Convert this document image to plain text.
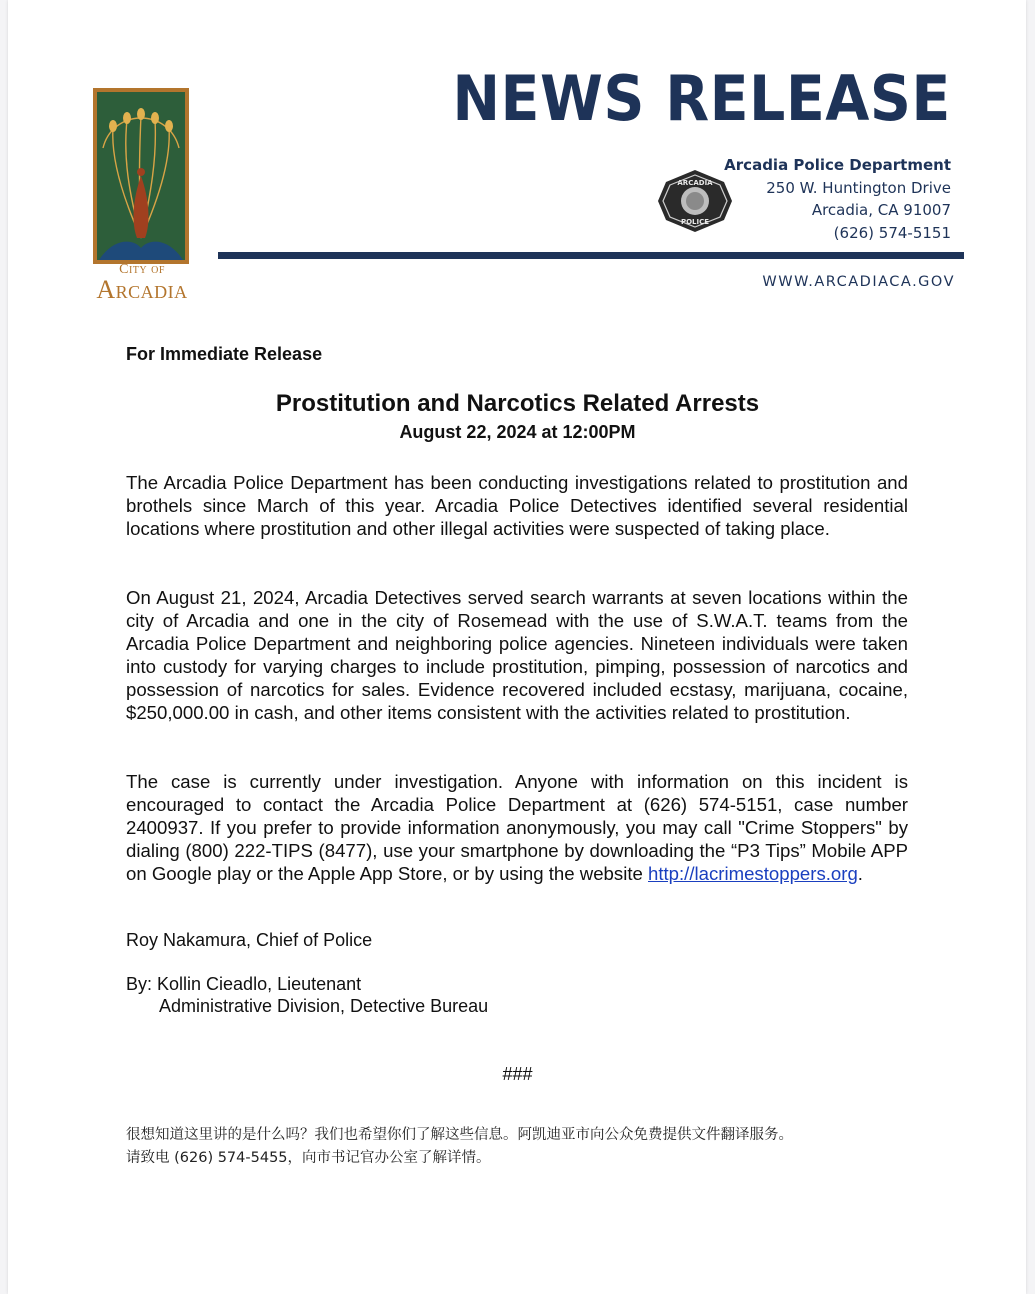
City of
Arcadia
NEWS RELEASE
ARCADIA
POLICE
Arcadia Police Department
250 W. Huntington Drive
Arcadia, CA 91007
(626) 574-5151
WWW.ARCADIACA.GOV
For Immediate Release
Prostitution and Narcotics Related Arrests
August 22, 2024 at 12:00PM

The Arcadia Police Department has been conducting investigations related to prostitution and brothels since March of this year. Arcadia Police Detectives identified several residential locations where prostitution and other illegal activities were suspected of taking place.

On August 21, 2024, Arcadia Detectives served search warrants at seven locations within the city of Arcadia and one in the city of Rosemead with the use of S.W.A.T. teams from the Arcadia Police Department and neighboring police agencies. Nineteen individuals were taken into custody for varying charges to include prostitution, pimping, possession of narcotics and possession of narcotics for sales. Evidence recovered included ecstasy, marijuana, cocaine, $250,000.00 in cash, and other items consistent with the activities related to prostitution.

The case is currently under investigation. Anyone with information on this incident is encouraged to contact the Arcadia Police Department at (626) 574-5151, case number 2400937. If you prefer to provide information anonymously, you may call "Crime Stoppers" by dialing (800) 222-TIPS (8477), use your smartphone by downloading the “P3 Tips” Mobile APP on Google play or the Apple App Store, or by using the website http://lacrimestoppers.org.

Roy Nakamura, Chief of Police
By: Kollin Cieadlo, Lieutenant
Administrative Division, Detective Bureau
###
很想知道这里讲的是什么吗？我们也希望你们了解这些信息。阿凯迪亚市向公众免费提供文件翻译服务。
请致电 (626) 574-5455，向市书记官办公室了解详情。
